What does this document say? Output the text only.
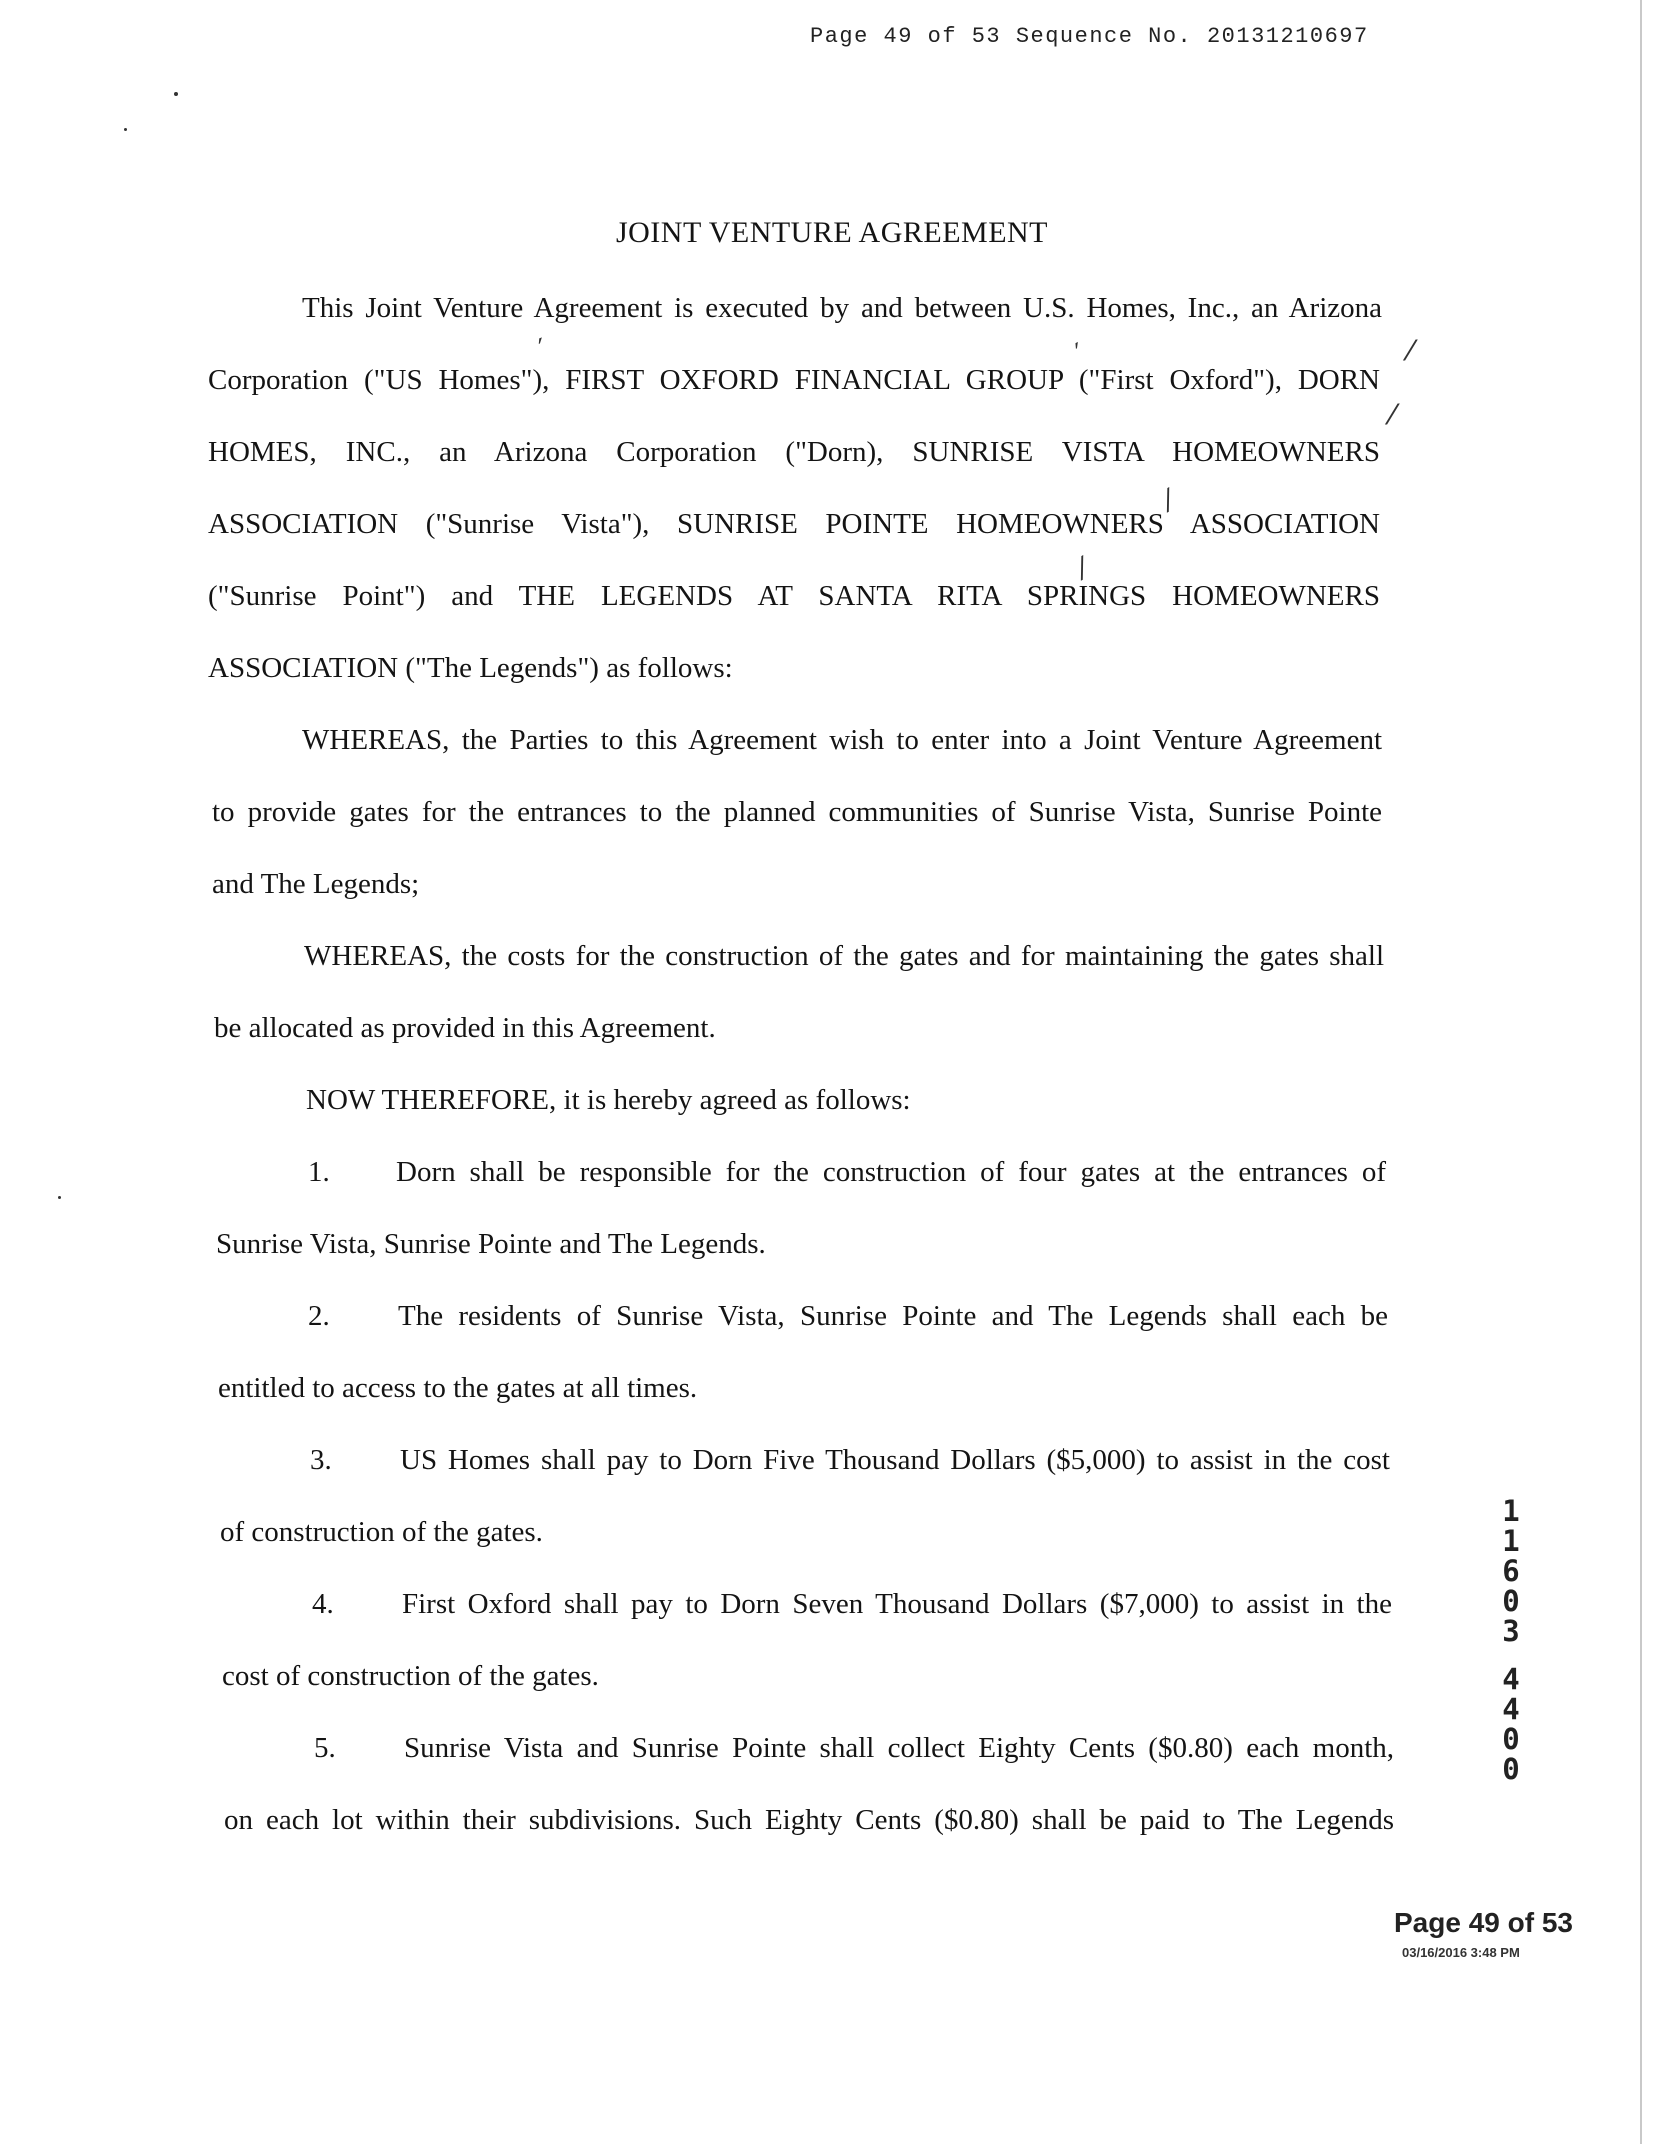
Page 49 of 53 Sequence No. 20131210697
JOINT VENTURE AGREEMENT
This Joint Venture Agreement is executed by and between U.S. Homes, Inc., an Arizona
Corporation ("US Homes"), FIRST OXFORD FINANCIAL GROUP ("First Oxford"), DORN
HOMES, INC., an Arizona Corporation ("Dorn), SUNRISE VISTA HOMEOWNERS
ASSOCIATION ("Sunrise Vista"), SUNRISE POINTE HOMEOWNERS ASSOCIATION
("Sunrise Point") and THE LEGENDS AT SANTA RITA SPRINGS HOMEOWNERS
ASSOCIATION ("The Legends") as follows:
WHEREAS, the Parties to this Agreement wish to enter into a Joint Venture Agreement
to provide gates for the entrances to the planned communities of Sunrise Vista, Sunrise Pointe
and The Legends;
WHEREAS, the costs for the construction of the gates and for maintaining the gates shall
be allocated as provided in this Agreement.
NOW THEREFORE, it is hereby agreed as follows:
1. Dorn shall be responsible for the construction of four gates at the entrances of
Sunrise Vista, Sunrise Pointe and The Legends.
2. The residents of Sunrise Vista, Sunrise Pointe and The Legends shall each be
entitled to access to the gates at all times.
3. US Homes shall pay to Dorn Five Thousand Dollars ($5,000) to assist in the cost
of construction of the gates.
4. First Oxford shall pay to Dorn Seven Thousand Dollars ($7,000) to assist in the
cost of construction of the gates.
5. Sunrise Vista and Sunrise Pointe shall collect Eighty Cents ($0.80) each month,
on each lot within their subdivisions. Such Eighty Cents ($0.80) shall be paid to The Legends
′	′	⁄
⁄
⁄
⁄
1
1
6
0
3
4
4
0
0
Page 49 of 53
03/16/2016 3:48 PM
